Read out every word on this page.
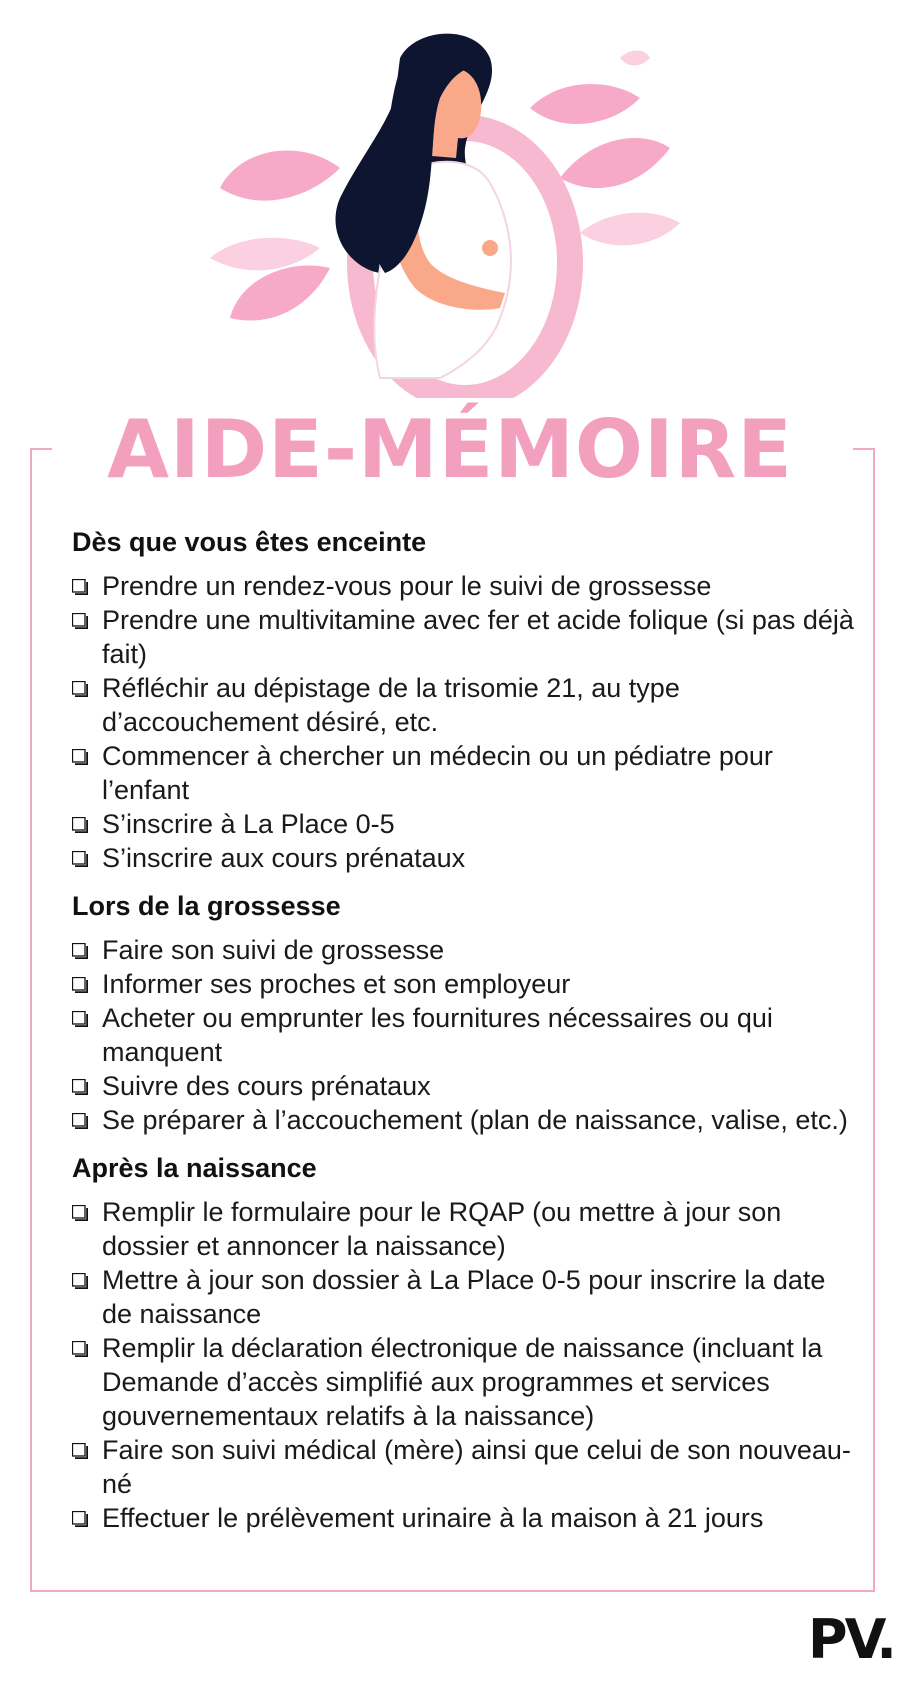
AIDE-MÉMOIRE
Dès que vous êtes enceinte
Prendre un rendez-vous pour le suivi de grossesse
Prendre une multivitamine avec fer et acide folique (si pas déjà fait)
Réfléchir au dépistage de la trisomie 21, au type d’accouchement désiré, etc.
Commencer à chercher un médecin ou un pédiatre pour l’enfant
S’inscrire à La Place 0-5
S’inscrire aux cours prénataux
Lors de la grossesse
Faire son suivi de grossesse
Informer ses proches et son employeur
Acheter ou emprunter les fournitures nécessaires ou qui manquent
Suivre des cours prénataux
Se préparer à l’accouchement (plan de naissance, valise, etc.)
Après la naissance
Remplir le formulaire pour le RQAP (ou mettre à jour son dossier et annoncer la naissance)
Mettre à jour son dossier à La Place 0-5 pour inscrire la date de naissance
Remplir la déclaration électronique de naissance (incluant la Demande d’accès simplifié aux programmes et services gouvernementaux relatifs à la naissance)
Faire son suivi médical (mère) ainsi que celui de son nouveau-né
Effectuer le prélèvement urinaire à la maison à 21 jours
PV.
